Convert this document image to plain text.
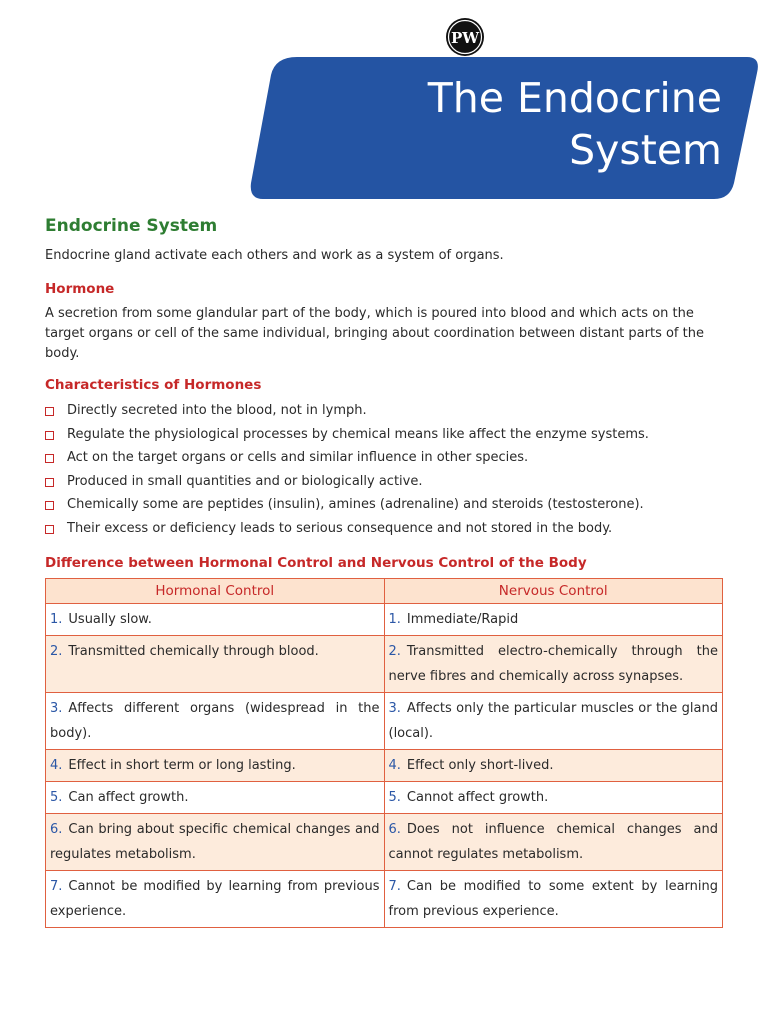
PW
The Endocrine
System
Endocrine System
Endocrine gland activate each others and work as a system of organs.
Hormone
A secretion from some glandular part of the body, which is poured into blood and which acts on the target organs or cell of the same individual, bringing about coordination between distant parts of the body.
Characteristics of Hormones
Directly secreted into the blood, not in lymph.
Regulate the physiological processes by chemical means like affect the enzyme systems.
Act on the target organs or cells and similar influence in other species.
Produced in small quantities and or biologically active.
Chemically some are peptides (insulin), amines (adrenaline) and steroids (testosterone).
Their excess or deficiency leads to serious consequence and not stored in the body.
Difference between Hormonal Control and Nervous Control of the Body
Hormonal Control	Nervous Control
1. Usually slow.	1. Immediate/Rapid
2. Transmitted chemically through blood.	2. Transmitted electro-chemically through the nerve fibres and chemically across synapses.
3. Affects different organs (widespread in the body).	3. Affects only the particular muscles or the gland (local).
4. Effect in short term or long lasting.	4. Effect only short-lived.
5. Can affect growth.	5. Cannot affect growth.
6. Can bring about specific chemical changes and regulates metabolism.	6. Does not influence chemical changes and cannot regulates metabolism.
7. Cannot be modified by learning from previous experience.	7. Can be modified to some extent by learning from previous experience.
